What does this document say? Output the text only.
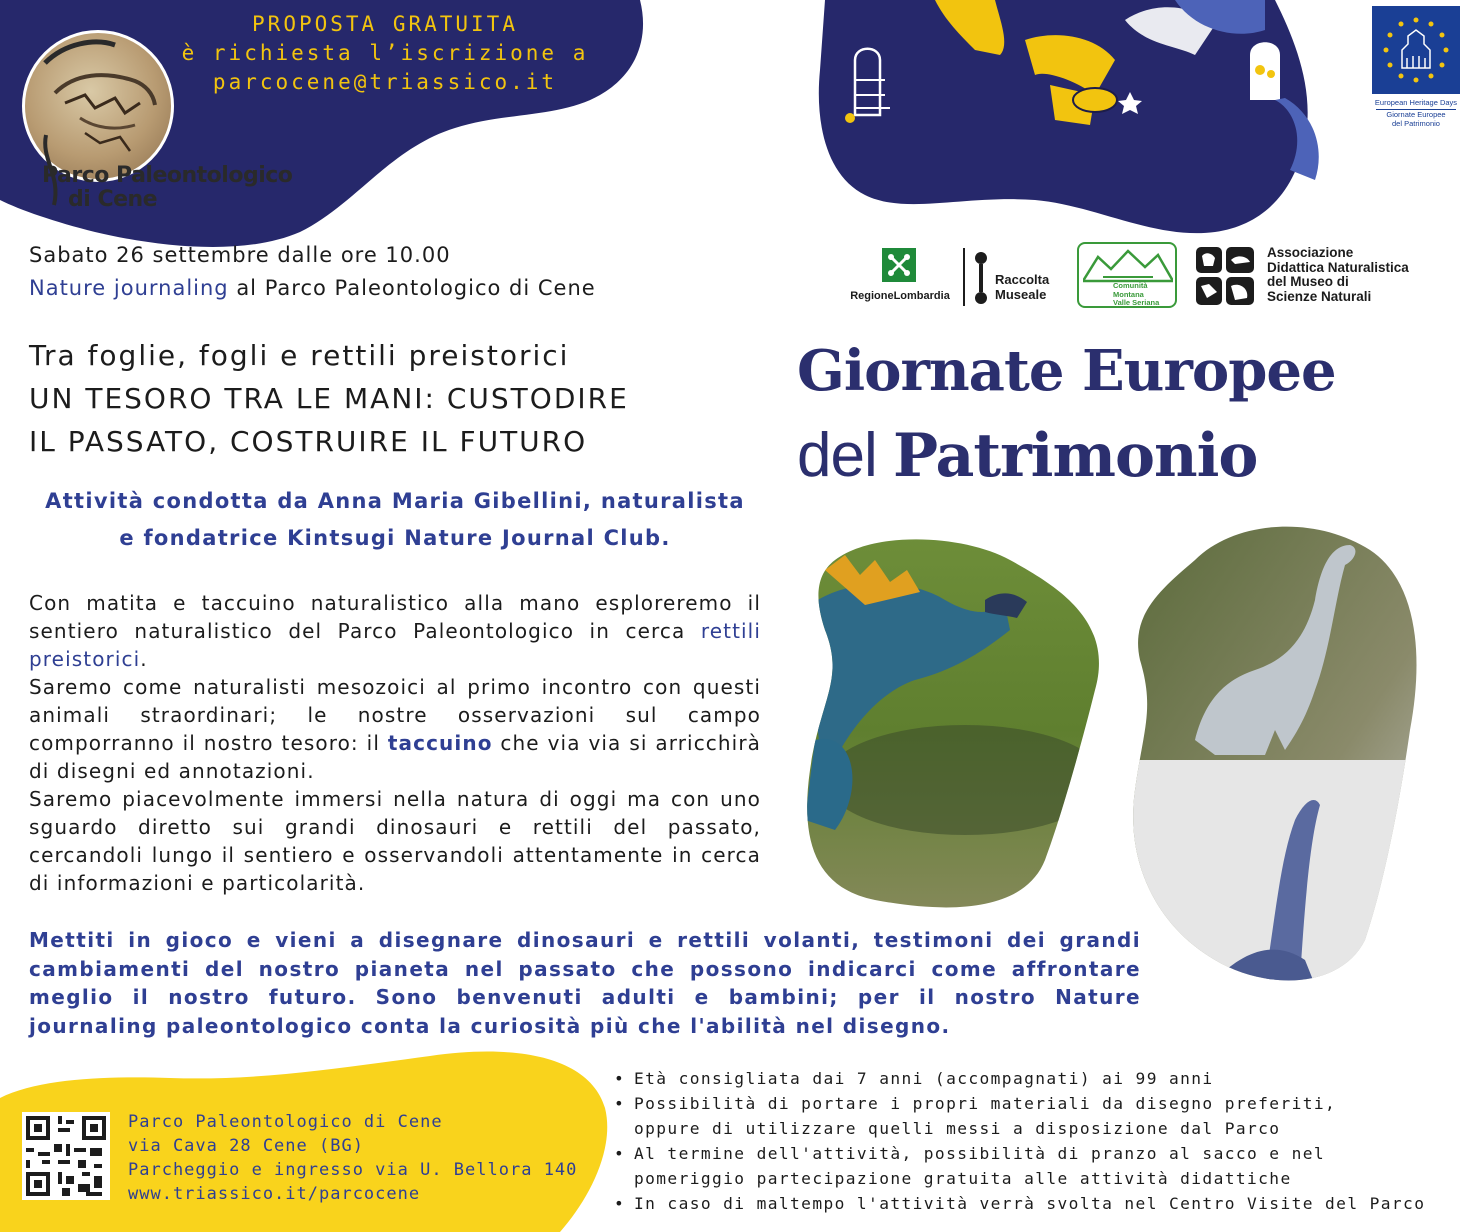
PROPOSTA GRATUITA
è richiesta l’iscrizione a
parcocene@triassico.it
Parco Paleontologico
di Cene
European Heritage Days
Giornate Europee
del Patrimonio
Sabato 26 settembre dalle ore 10.00
Nature journaling al Parco Paleontologico di Cene
Tra foglie, fogli e rettili preistorici
UN TESORO TRA LE MANI: CUSTODIRE
IL PASSATO, COSTRUIRE IL FUTURO
Attività condotta da Anna Maria Gibellini, naturalista
e fondatrice Kintsugi Nature Journal Club.

Con matita e taccuino naturalistico alla mano esploreremo il sentiero naturalistico del Parco Paleontologico in cerca rettili preistorici.

Saremo come naturalisti mesozoici al primo incontro con questi animali straordinari; le nostre osservazioni sul campo comporranno il nostro tesoro: il taccuino che via via si arricchirà di disegni ed annotazioni.

Saremo piacevolmente immersi nella natura di oggi ma con uno sguardo diretto sui grandi dinosauri e rettili del passato, cercandoli lungo il sentiero e osservandoli attentamente in cerca di informazioni e particolarità.

Mettiti in gioco e vieni a disegnare dinosauri e rettili volanti, testimoni dei grandi cambiamenti del nostro pianeta nel passato che possono indicarci come affrontare meglio il nostro futuro. Sono benvenuti adulti e bambini; per il nostro Nature journaling paleontologico conta la curiosità più che l'abilità nel disegno.
RegioneLombardia
Raccolta
Museale
Comunità
Montana
Valle Seriana
Associazione
Didattica Naturalistica
del Museo di
Scienze Naturali
Giornate Europee
del Patrimonio
Parco Paleontologico di Cene
via Cava 28 Cene (BG)
Parcheggio e ingresso via U. Bellora 140
www.triassico.it/parcocene
• Età consigliata dai 7 anni (accompagnati) ai 99 anni
• Possibilità di portare i propri materiali da disegno preferiti,
oppure di utilizzare quelli messi a disposizione dal Parco
• Al termine dell'attività, possibilità di pranzo al sacco e nel
pomeriggio partecipazione gratuita alle attività didattiche
• In caso di maltempo l'attività verrà svolta nel Centro Visite del Parco
